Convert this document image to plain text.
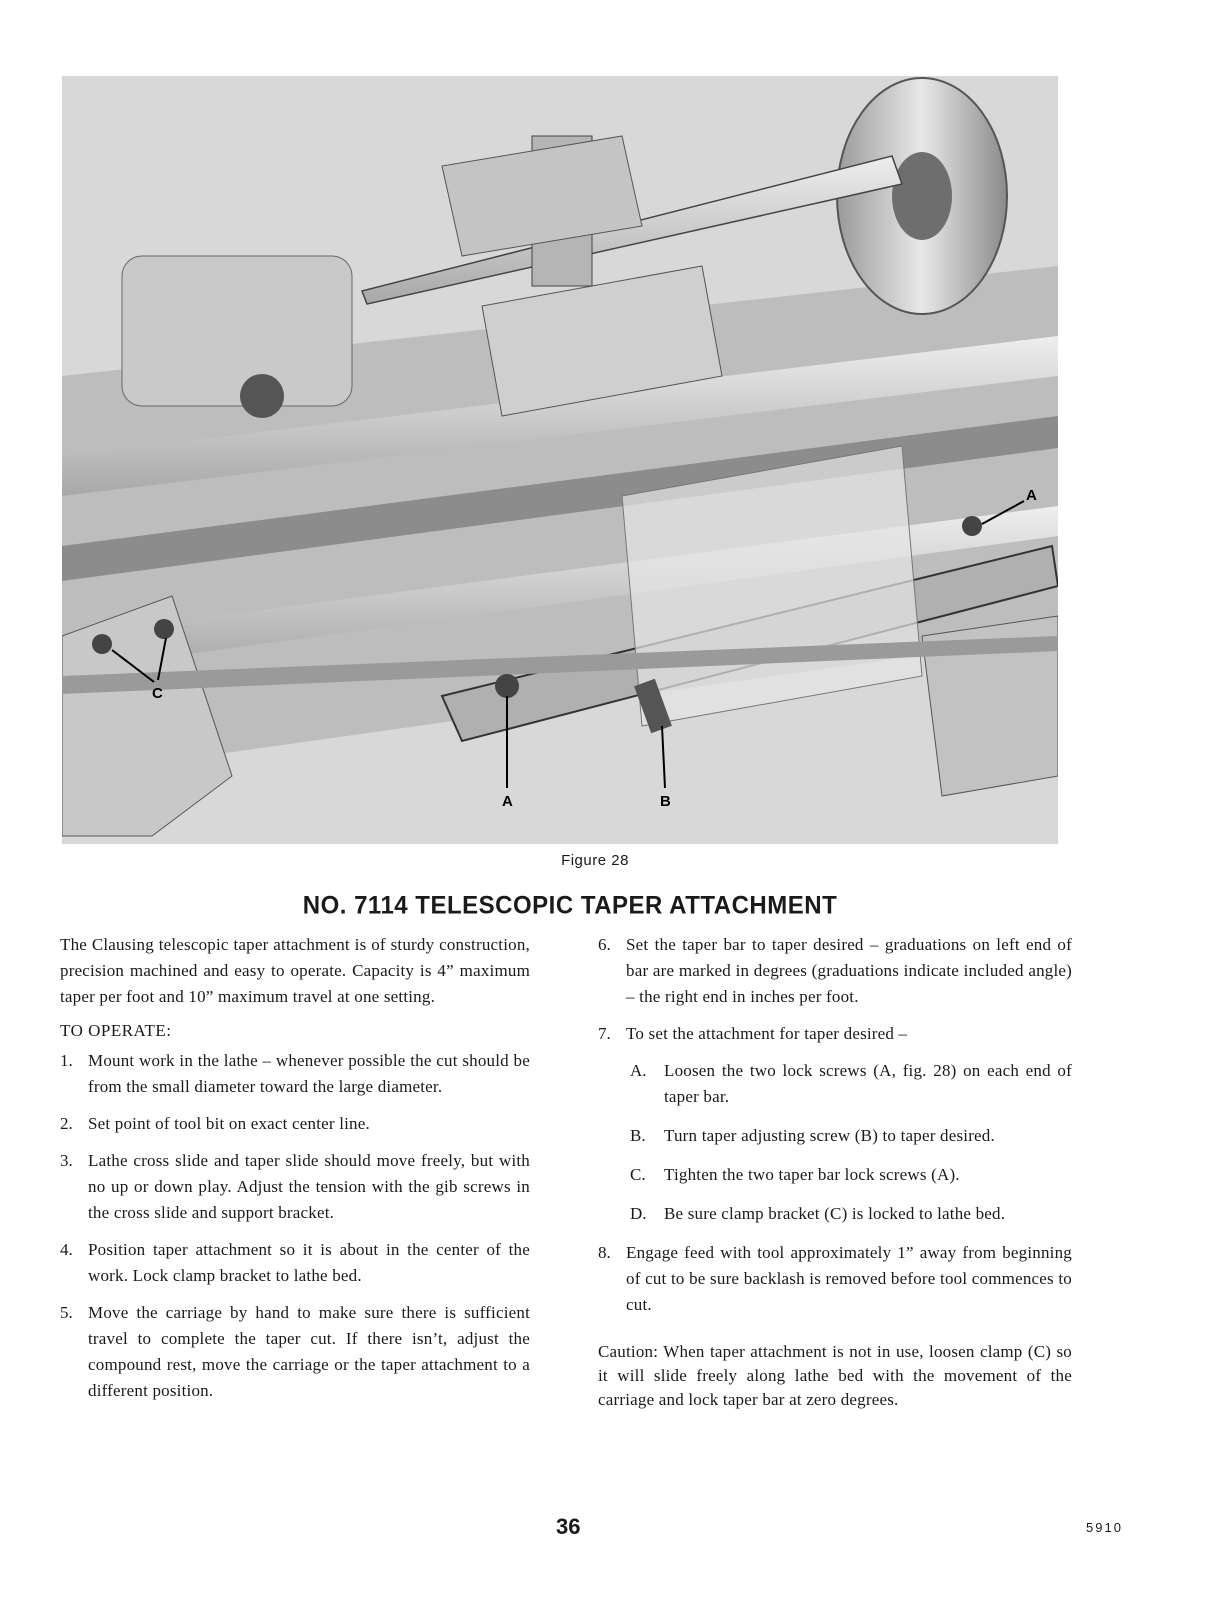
A	B
A
C
Figure 28
NO. 7114 TELESCOPIC TAPER ATTACHMENT

The Clausing telescopic taper attachment is of sturdy construction, precision machined and easy to operate. Capacity is 4” maximum taper per foot and 10” maximum travel at one setting.

TO OPERATE:

1. Mount work in the lathe – whenever possible the cut should be from the small diameter toward the large diameter.
2. Set point of tool bit on exact center line.
3. Lathe cross slide and taper slide should move freely, but with no up or down play. Adjust the tension with the gib screws in the cross slide and support bracket.
4. Position taper attachment so it is about in the center of the work. Lock clamp bracket to lathe bed.
5. Move the carriage by hand to make sure there is sufficient travel to complete the taper cut. If there isn’t, adjust the compound rest, move the carriage or the taper attachment to a different position.
6. Set the taper bar to taper desired – graduations on left end of bar are marked in degrees (graduations indicate included angle) – the right end in inches per foot.
7. To set the attachment for taper desired –
A.	Loosen the two lock screws (A, fig. 28) on each end of taper bar.
B.	Turn taper adjusting screw (B) to taper desired.
C.	Tighten the two taper bar lock screws (A).
D.	Be sure clamp bracket (C) is locked to lathe bed.
8. Engage feed with tool approximately 1” away from beginning of cut to be sure backlash is removed before tool commences to cut.

Caution: When taper attachment is not in use, loosen clamp (C) so it will slide freely along lathe bed with the movement of the carriage and lock taper bar at zero degrees.

36	5910
